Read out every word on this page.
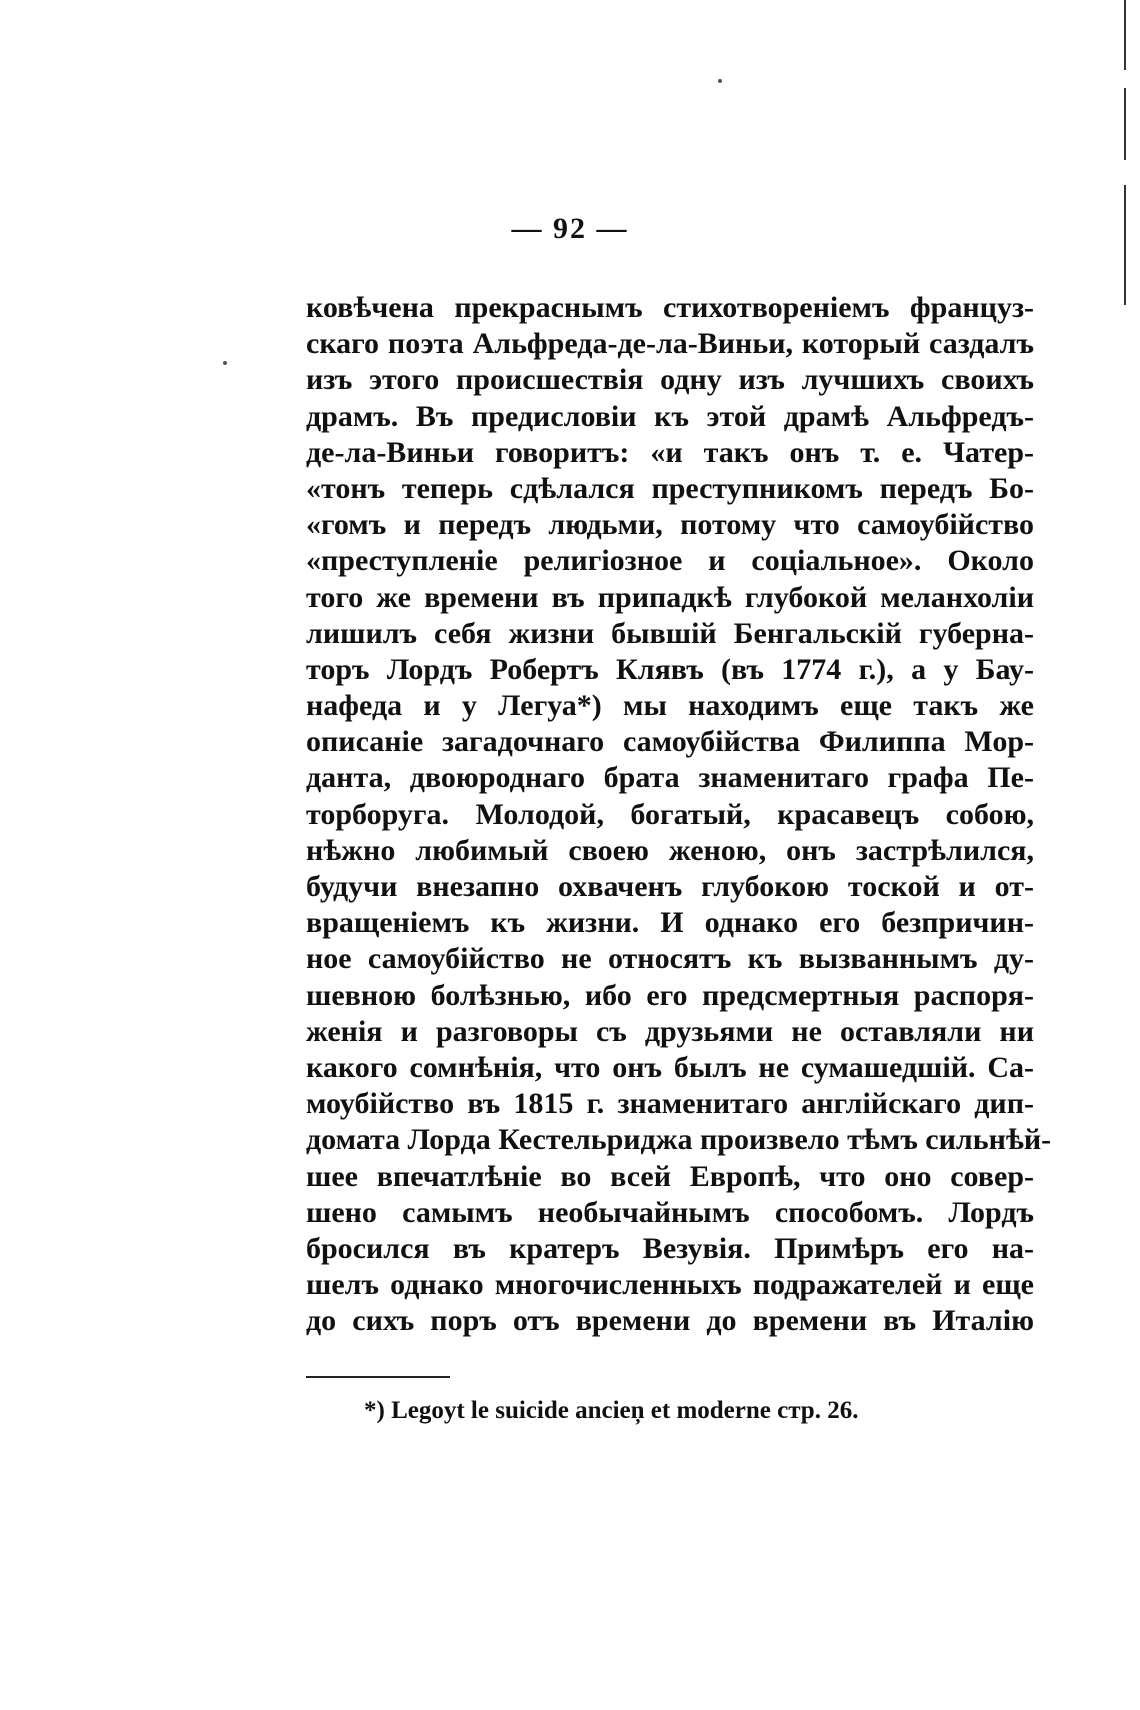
— 92 —
ковѣчена прекраснымъ стихотвореніемъ француз-
скаго поэта Альфреда-де-ла-Виньи, который саздалъ
изъ этого происшествія одну изъ лучшихъ своихъ
драмъ. Въ предисловіи къ этой драмѣ Альфредъ-
де-ла-Виньи говоритъ: «и такъ онъ т. е. Чатер-
«тонъ теперь сдѣлался преступникомъ передъ Бо-
«гомъ и передъ людьми, потому что самоубійство
«преступленіе религіозное и соціальное». Около
того же времени въ припадкѣ глубокой меланхоліи
лишилъ себя жизни бывшій Бенгальскій губерна-
торъ Лордъ Робертъ Клявъ (въ 1774 г.), а у Бау-
нафеда и у Легуа*) мы находимъ еще такъ же
описаніе загадочнаго самоубійства Филиппа Мор-
данта, двоюроднаго брата знаменитаго графа Пе-
торборуга. Молодой, богатый, красавецъ собою,
нѣжно любимый своею женою, онъ застрѣлился,
будучи внезапно охваченъ глубокою тоской и от-
вращеніемъ къ жизни. И однако его безпричин-
ное самоубійство не относятъ къ вызваннымъ ду-
шевною болѣзнью, ибо его предсмертныя распоря-
женія и разговоры съ друзьями не оставляли ни
какого сомнѣнія, что онъ былъ не сумашедшій. Са-
моубійство въ 1815 г. знаменитаго англійскаго дип-
домата Лорда Кестельриджа произвело тѣмъ сильнѣй-
шее впечатлѣніе во всей Европѣ, что оно совер-
шено самымъ необычайнымъ способомъ. Лордъ
бросился въ кратеръ Везувія. Примѣръ его на-
шелъ однако многочисленныхъ подражателей и еще
до сихъ поръ отъ времени до времени въ Италію
*) Legoyt le suicide ancieņ et moderne стр. 26.
